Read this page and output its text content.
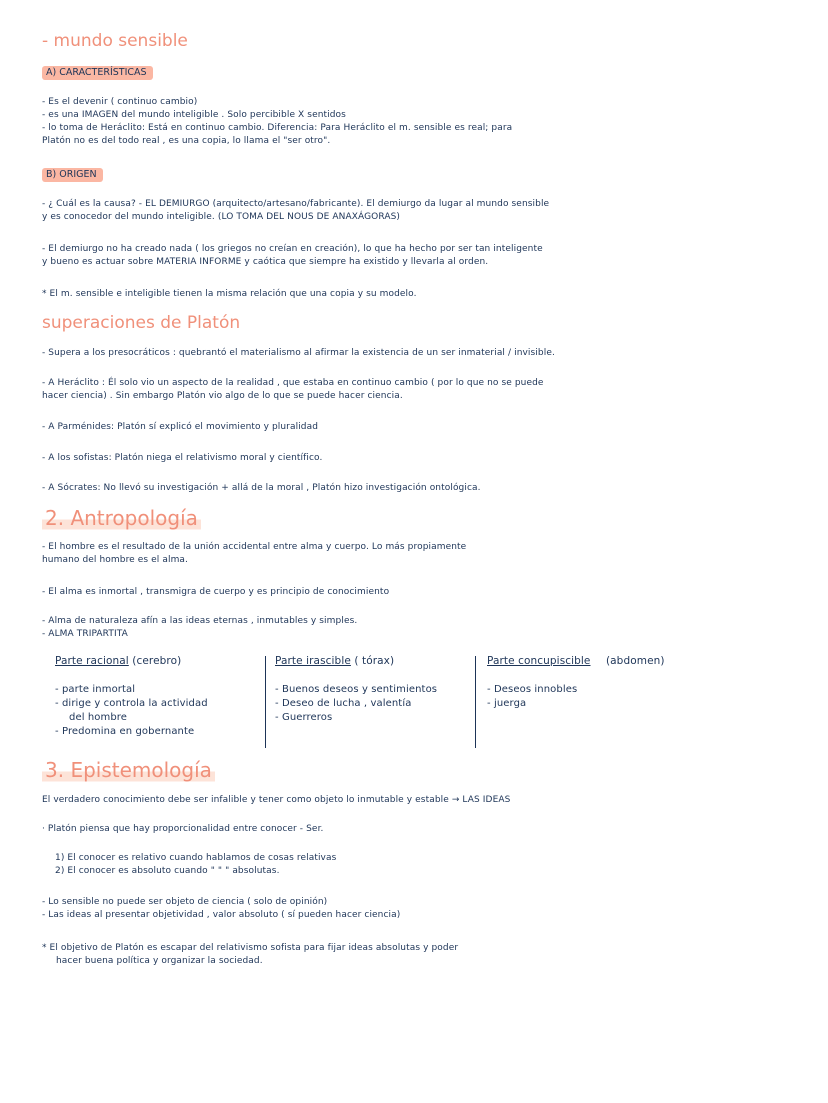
- mundo sensible
A) CARACTERÍSTICAS

- Es el devenir ( continuo cambio)

- es una IMAGEN del mundo inteligible . Solo percibible X sentidos

- lo toma de Heráclito: Está en continuo cambio. Diferencia: Para Heráclito el m. sensible es real; para

Platón no es del todo real , es una copia, lo llama el "ser otro".

B) ORIGEN

- ¿ Cuál es la causa? - EL DEMIURGO (arquitecto/artesano/fabricante). El demiurgo da lugar al mundo sensible

y es conocedor del mundo inteligible. (LO TOMA DEL NOUS DE ANAXÁGORAS)

- El demiurgo no ha creado nada ( los griegos no creían en creación), lo que ha hecho por ser tan inteligente

y bueno es actuar sobre MATERIA INFORME y caótica que siempre ha existido y llevarla al orden.

* El m. sensible e inteligible tienen la misma relación que una copia y su modelo.
superaciones de Platón
- Supera a los presocráticos : quebrantó el materialismo al afirmar la existencia de un ser inmaterial / invisible.

- A Heráclito : Él solo vio un aspecto de la realidad , que estaba en continuo cambio ( por lo que no se puede

hacer ciencia) . Sin embargo Platón vio algo de lo que se puede hacer ciencia.

- A Parménides: Platón sí explicó el movimiento y pluralidad
- A los sofistas: Platón niega el relativismo moral y científico.
- A Sócrates: No llevó su investigación + allá de la moral , Platón hizo investigación ontológica.
2. Antropología

- El hombre es el resultado de la unión accidental entre alma y cuerpo. Lo más propiamente

humano del hombre es el alma.

- El alma es inmortal , transmigra de cuerpo y es principio de conocimiento

- Alma de naturaleza afín a las ideas eternas , inmutables y simples.

- ALMA TRIPARTITA

Parte racional (cerebro)

- parte inmortal

- dirige y controla la actividad

del hombre

- Predomina en gobernante

Parte irascible ( tórax)

- Buenos deseos y sentimientos

- Deseo de lucha , valentía

- Guerreros

Parte concupiscible (abdomen)

- Deseos innobles

- juerga

3. Epistemología
El verdadero conocimiento debe ser infalible y tener como objeto lo inmutable y estable → LAS IDEAS
· Platón piensa que hay proporcionalidad entre conocer - Ser.

1) El conocer es relativo cuando hablamos de cosas relativas

2) El conocer es absoluto cuando " " " absolutas.

- Lo sensible no puede ser objeto de ciencia ( solo de opinión)

- Las ideas al presentar objetividad , valor absoluto ( sí pueden hacer ciencia)

* El objetivo de Platón es escapar del relativismo sofista para fijar ideas absolutas y poder

hacer buena política y organizar la sociedad.
